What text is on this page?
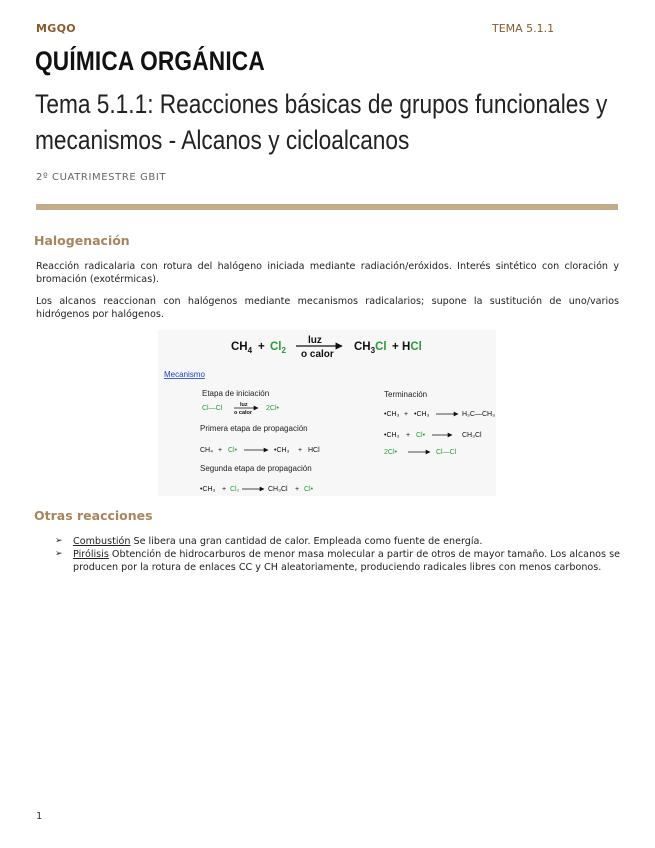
MGQO	TEMA 5.1.1
QUÍMICA ORGÁNICA
Tema 5.1.1: Reacciones básicas de grupos funcionales y mecanismos - Alcanos y cicloalcanos
2º CUATRIMESTRE GBIT
Halogenación
Reacción radicalaria con rotura del halógeno iniciada mediante radiación/eróxidos. Interés sintético con cloración y bromación (exotérmicas).
Los alcanos reaccionan con halógenos mediante mecanismos radicalarios; supone la sustitución de uno/varios hidrógenos por halógenos.
$CH_4 + Cl_2$
luz
o calor
$CH_3Cl$ + HCl
Mecanismo
Etapa de iniciación
Cl—Cl	luz
o calor
2Cl•
Primera etapa de propagación
CH₄ + Cl•	•CH₃ + HCl
Segunda etapa de propagación
•CH₃ + Cl₂	CH₃Cl + Cl•
Terminación
•CH₃ + •CH₃	H₃C—CH₃
•CH₃ + Cl•	CH₃Cl
2Cl•	Cl—Cl
Otras reacciones
➢ Combustión Se libera una gran cantidad de calor. Empleada como fuente de energía.
➢ Pirólisis Obtención de hidrocarburos de menor masa molecular a partir de otros de mayor tamaño. Los alcanos se producen por la rotura de enlaces CC y CH aleatoriamente, produciendo radicales libres con menos carbonos.
1
